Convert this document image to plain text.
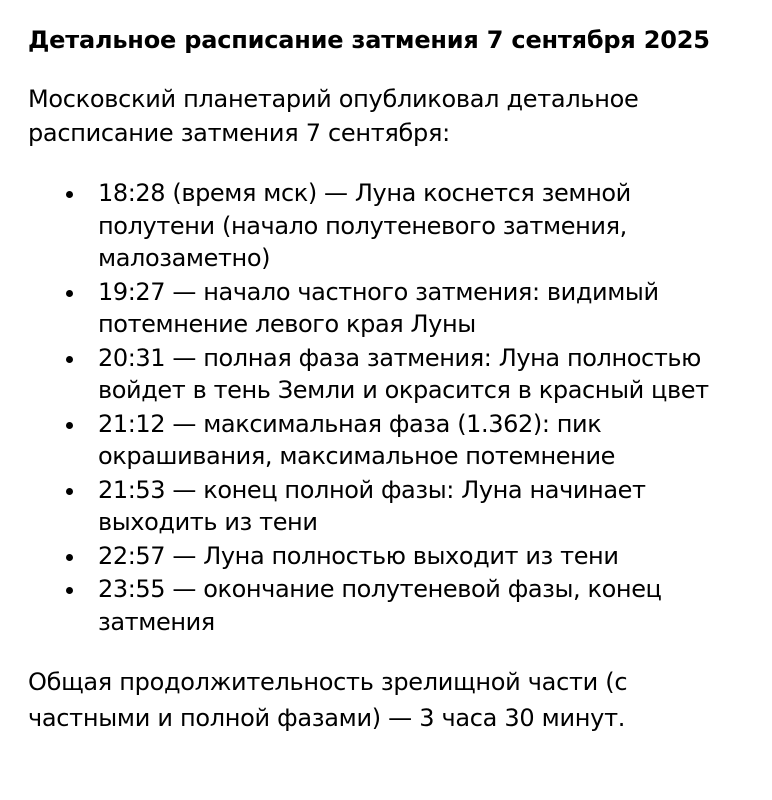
Детальное расписание затмения 7 сентября 2025

Московский планетарий опубликовал детальное расписание затмения 7 сентября:

18:28 (время мск) — Луна коснется земной полутени (начало полутеневого затмения, малозаметно)
19:27 — начало частного затмения: видимый потемнение левого края Луны
20:31 — полная фаза затмения: Луна полностью войдет в тень Земли и окрасится в красный цвет
21:12 — максимальная фаза (1.362): пик окрашивания, максимальное потемнение
21:53 — конец полной фазы: Луна начинает выходить из тени
22:57 — Луна полностью выходит из тени
23:55 — окончание полутеневой фазы, конец затмения

Общая продолжительность зрелищной части (с частными и полной фазами) — 3 часа 30 минут.
